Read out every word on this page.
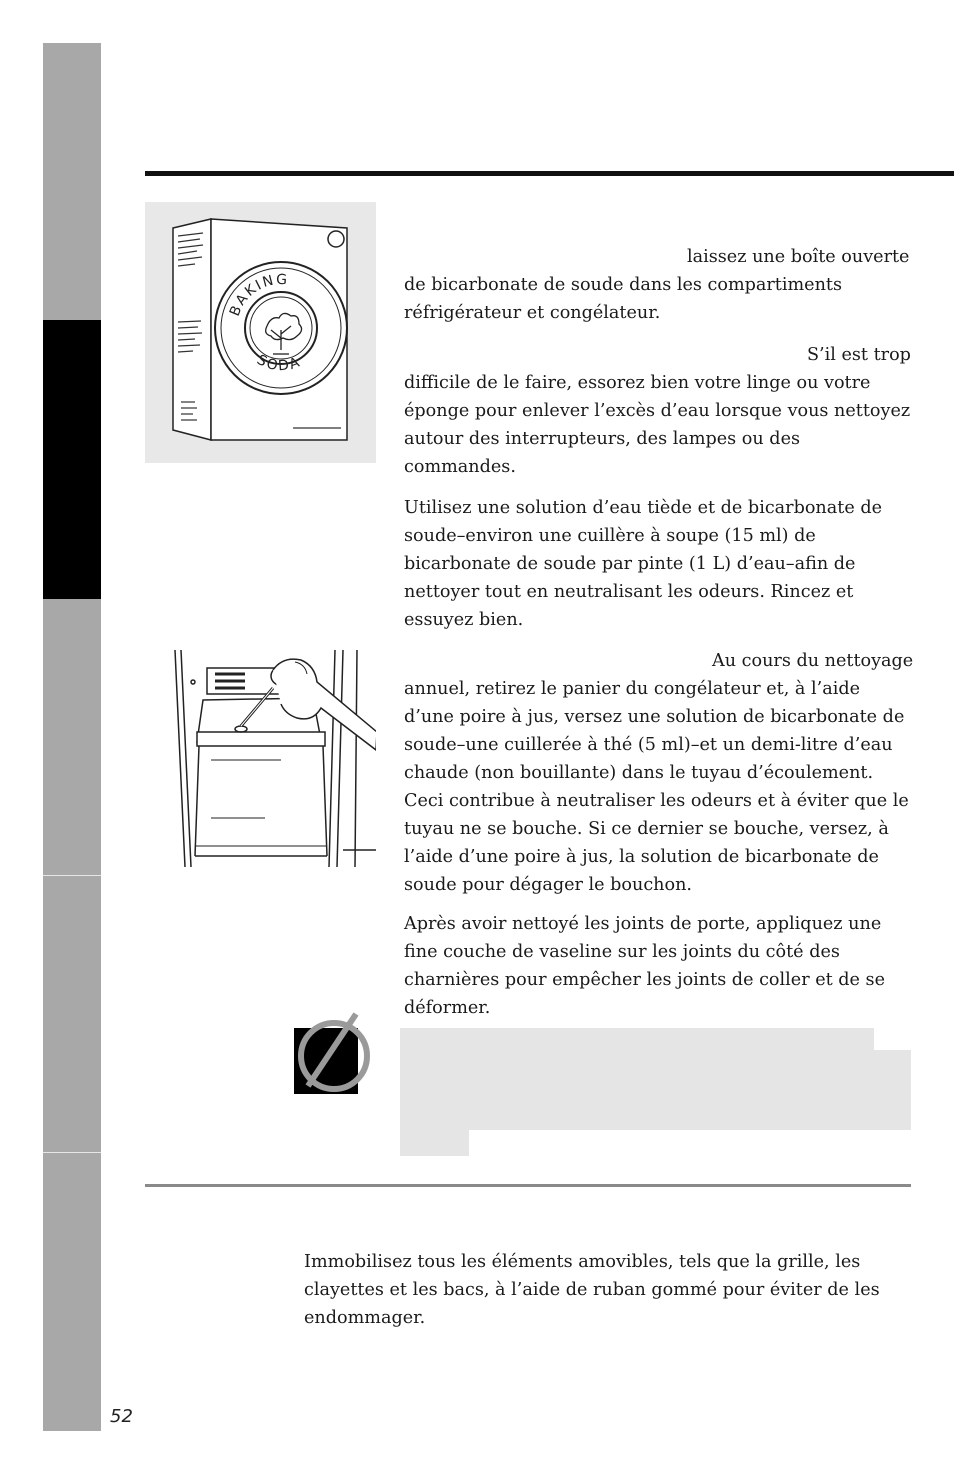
BAKING
SODA

laissez une boîte ouverte de bicarbonate de soude dans les compartiments réfrigérateur et congélateur.

S’il est trop difficile de le faire, essorez bien votre linge ou votre éponge pour enlever l’excès d’eau lorsque vous nettoyez autour des interrupteurs, des lampes ou des commandes.

Utilisez une solution d’eau tiède et de bicarbonate de soude–environ une cuillère à soupe (15 ml) de bicarbonate de soude par pinte (1 L) d’eau–afin de nettoyer tout en neutralisant les odeurs. Rincez et essuyez bien.

Au cours du nettoyage annuel, retirez le panier du congélateur et, à l’aide d’une poire à jus, versez une solution de bicarbonate de soude–une cuillerée à thé (5 ml)–et un demi-litre d’eau chaude (non bouillante) dans le tuyau d’écoulement. Ceci contribue à neutraliser les odeurs et à éviter que le tuyau ne se bouche. Si ce dernier se bouche, versez, à l’aide d’une poire à jus, la solution de bicarbonate de soude pour dégager le bouchon.

Après avoir nettoyé les joints de porte, appliquez une fine couche de vaseline sur les joints du côté des charnières pour empêcher les joints de coller et de se déformer.

Immobilisez tous les éléments amovibles, tels que la grille, les clayettes et les bacs, à l’aide de ruban gommé pour éviter de les endommager.

52
